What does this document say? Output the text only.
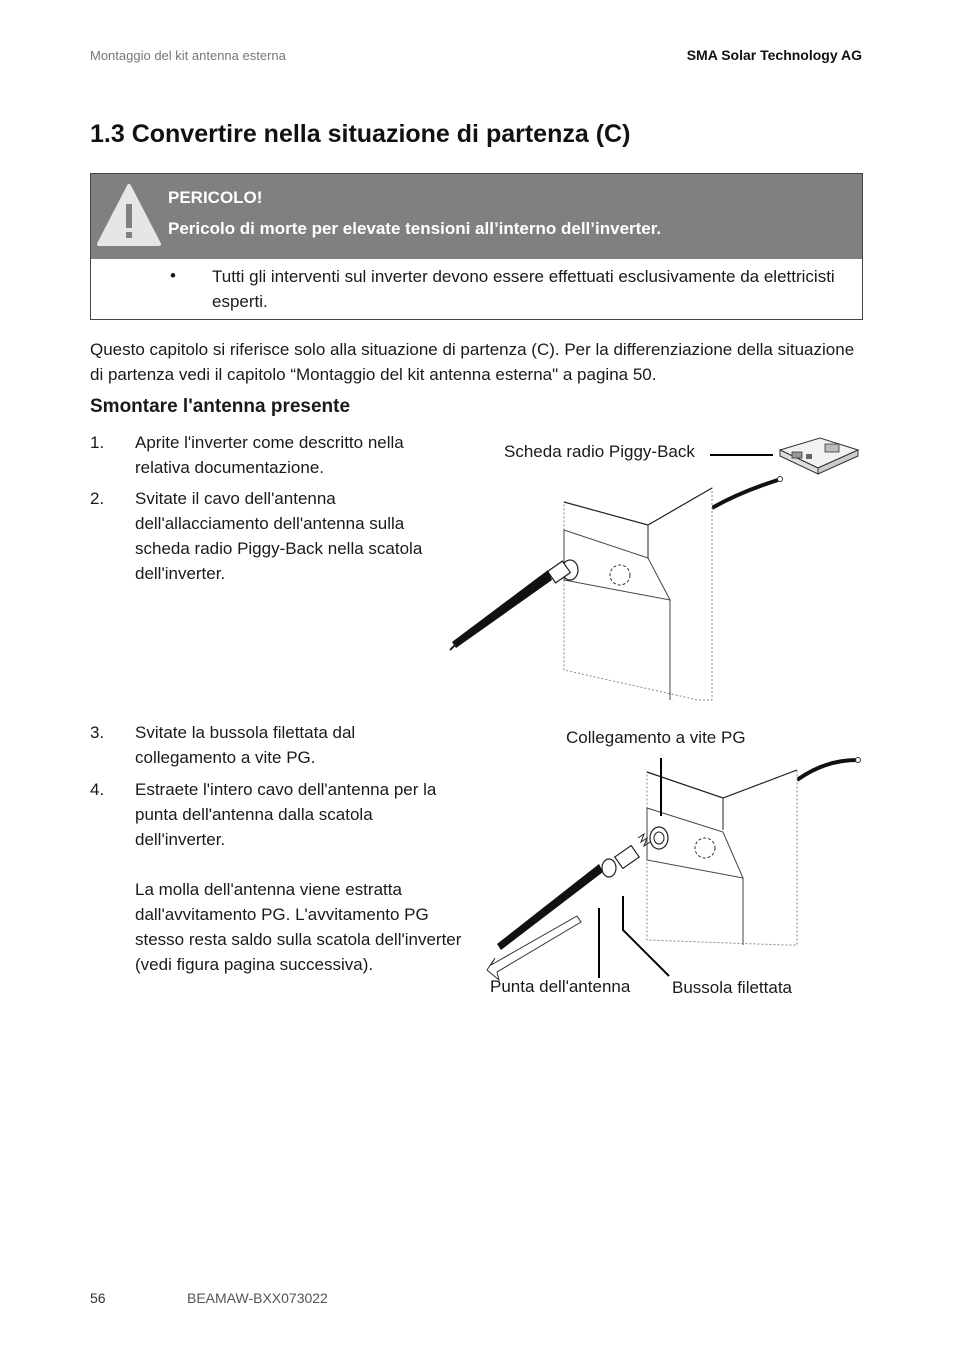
Montaggio del kit antenna esterna	SMA Solar Technology AG
1.3 Convertire nella situazione di partenza (C)
PERICOLO!
Pericolo di morte per elevate tensioni all’interno dell’inverter.
• Tutti gli interventi sul inverter devono essere effettuati esclusivamente da elettricisti esperti.

Questo capitolo si riferisce solo alla situazione di partenza (C). Per la differenziazione della situazione di partenza vedi il capitolo “Montaggio del kit antenna esterna" a pagina 50.

Smontare l'antenna presente
1. Aprite l'inverter come descritto nella relativa documentazione.
2. Svitate il cavo dell'antenna dell'allacciamento dell'antenna sulla scheda radio Piggy-Back nella scatola dell'inverter.
3. Svitate la bussola filettata dal collegamento a vite PG.
4. Estraete l'intero cavo dell'antenna per la punta dell'antenna dalla scatola dell'inverter.
La molla dell'antenna viene estratta dall'avvitamento PG. L'avvitamento PG stesso resta saldo sulla scatola dell'inverter (vedi figura pagina successiva).
Scheda radio Piggy-Back
Collegamento a vite PG
Punta dell'antenna Bussola filettata
56	BEAMAW-BXX073022
